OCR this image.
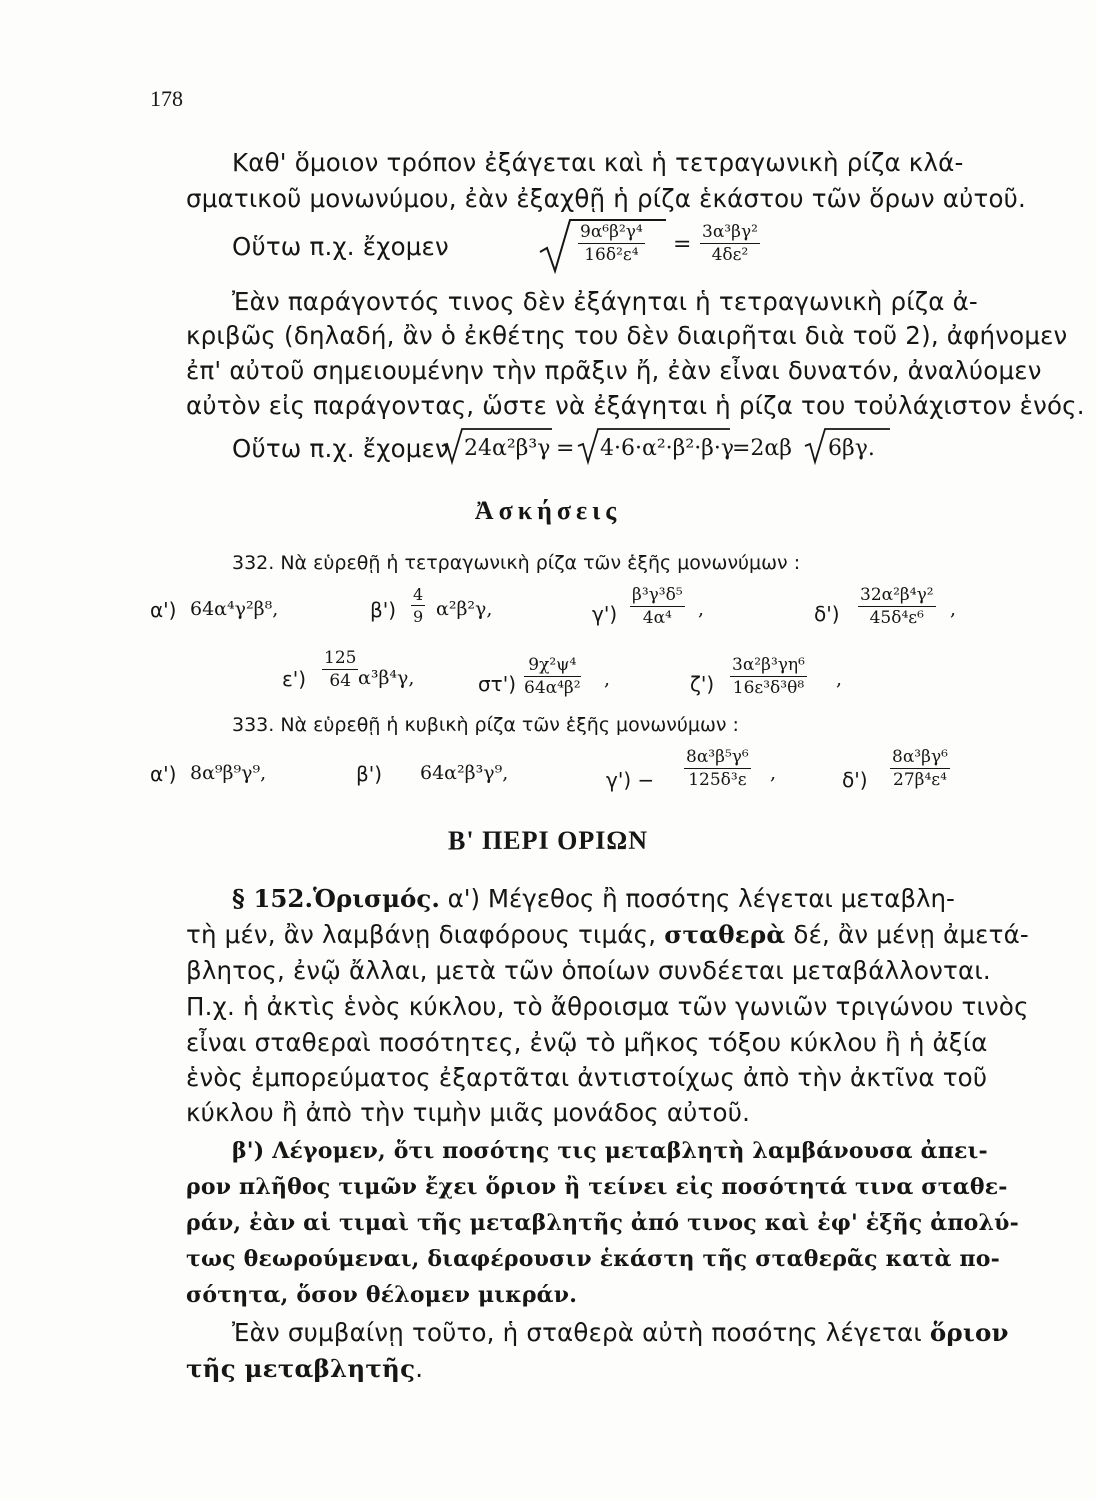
178
Καθ' ὅμοιον τρόπον ἐξάγεται καὶ ἡ τετραγωνικὴ ρίζα κλά-
σματικοῦ μονωνύμου, ἐὰν ἐξαχθῇ ἡ ρίζα ἑκάστου τῶν ὅρων αὐτοῦ.
Οὕτω π.χ. ἔχομεν	$\frac{\text{9α⁶β²γ⁴}}{\text{16δ²ε⁴}} = \frac{\text{3α³βγ²}}{\text{4δε²}}$
Ἐὰν παράγοντός τινος δὲν ἐξάγηται ἡ τετραγωνικὴ ρίζα ἀ-
κριβῶς (δηλαδή, ἂν ὁ ἐκθέτης του δὲν διαιρῆται διὰ τοῦ 2), ἀφήνομεν
ἐπ' αὐτοῦ σημειουμένην τὴν πρᾶξιν ἤ, ἐὰν εἶναι δυνατόν, ἀναλύομεν
αὐτὸν εἰς παράγοντας, ὥστε νὰ ἐξάγηται ἡ ρίζα του τοὐλάχιστον ἑνός.
Οὕτω π.χ. ἔχομεν 24α²β³γ = 4·6·α²·β²·β·γ
=2αβ 6βγ.
Ἀσκήσεις
332. Νὰ εὑρεθῇ ἡ τετραγωνικὴ ρίζα τῶν ἑξῆς μονωνύμων :
α') 64α⁴γ²β⁸,	$\beta') \frac{4}{9} \alpha^2\beta^2\gamma$,	$\gamma') \frac{\text{β³γ³δ⁵}}{\text{4α⁴}}$ ,	$\delta') \frac{\text{32α²β⁴γ²}}{\text{45δ⁴ε⁶}}$ ,
$\varepsilon') \frac{125}{64} \alpha^3\beta^4\gamma$,	$\sigma\tau') \frac{\text{9χ²ψ⁴}}{\text{64α⁴β²}}$ ,	$\zeta') \frac{\text{3α²β³γη⁶}}{\text{16ε³δ³θ⁸}}$ ,
333. Νὰ εὑρεθῇ ἡ κυβικὴ ρίζα τῶν ἑξῆς μονωνύμων :
α') 8α⁹β⁹γ⁹,	β') 64α²β³γ⁹,	$\gamma') - \frac{\text{8α³β⁵γ⁶}}{\text{125δ³ε}}$ ,	$\delta') \frac{\text{8α³βγ⁶}}{\text{27β⁴ε⁴}}$
Β' ΠΕΡΙ ΟΡΙΩΝ
§ 152. Ὁρισμός. α') Μέγεθος ἢ ποσότης λέγεται μεταβλη-
τὴ μέν, ἂν λαμβάνῃ διαφόρους τιμάς, σταθερὰ δέ, ἂν μένῃ ἀμετά-
βλητος, ἐνῷ ἄλλαι, μετὰ τῶν ὁποίων συνδέεται μεταβάλλονται.
Π.χ. ἡ ἀκτὶς ἑνὸς κύκλου, τὸ ἄθροισμα τῶν γωνιῶν τριγώνου τινὸς
εἶναι σταθεραὶ ποσότητες, ἐνῷ τὸ μῆκος τόξου κύκλου ἢ ἡ ἀξία
ἑνὸς ἐμπορεύματος ἐξαρτᾶται ἀντιστοίχως ἀπὸ τὴν ἀκτῖνα τοῦ
κύκλου ἢ ἀπὸ τὴν τιμὴν μιᾶς μονάδος αὐτοῦ.
β') Λέγομεν, ὅτι ποσότης τις μεταβλητὴ λαμβάνουσα ἀπει-
ρον πλῆθος τιμῶν ἔχει ὅριον ἢ τείνει εἰς ποσότητά τινα σταθε-
ράν, ἐὰν αἱ τιμαὶ τῆς μεταβλητῆς ἀπό τινος καὶ ἐφ' ἑξῆς ἀπολύ-
τως θεωρούμεναι, διαφέρουσιν ἑκάστη τῆς σταθερᾶς κατὰ πο-
σότητα, ὅσον θέλομεν μικράν.
Ἐὰν συμβαίνῃ τοῦτο, ἡ σταθερὰ αὐτὴ ποσότης λέγεται ὅριον
τῆς μεταβλητῆς.
